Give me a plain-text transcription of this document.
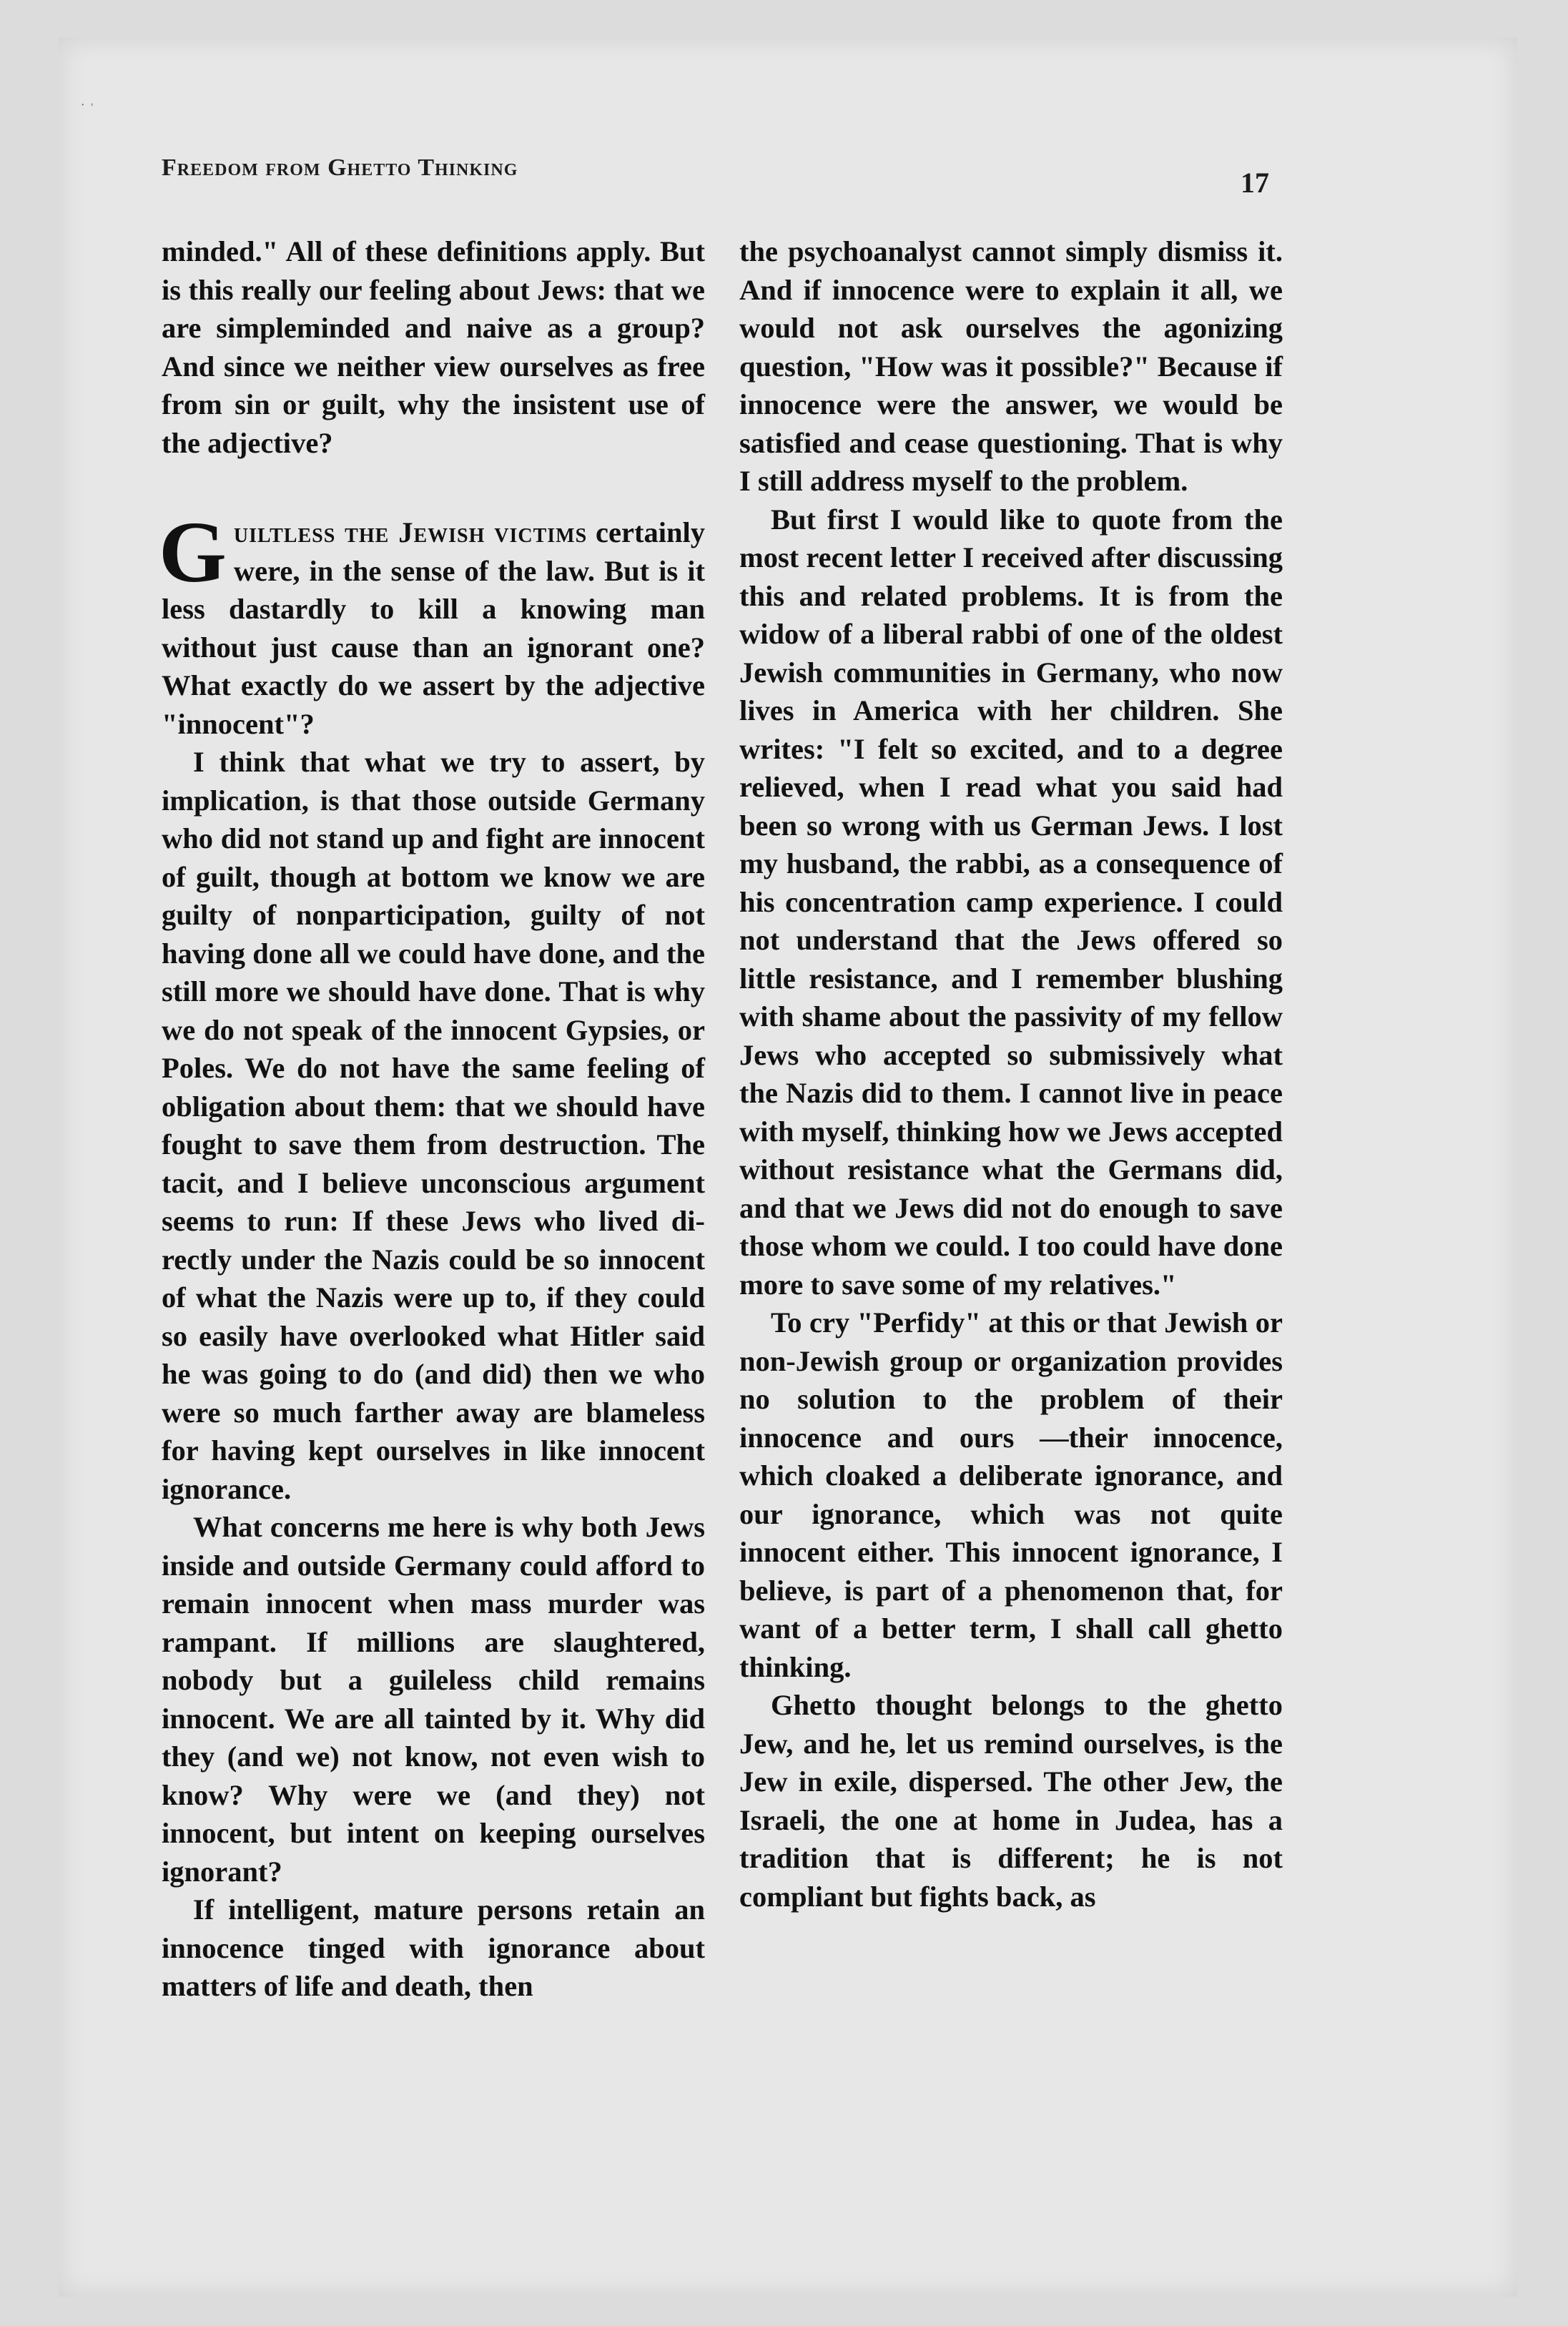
˙ ˈ
Freedom from Ghetto Thinking	17

minded." All of these definitions apply. But is this really our feeling about Jews: that we are simpleminded and naive as a group? And since we neither view ourselves as free from sin or guilt, why the insistent use of the adjective?

Guiltless the Jewish victims certainly were, in the sense of the law. But is it less dastardly to kill a knowing man without just cause than an ignorant one? What exactly do we assert by the adjective "innocent"?

I think that what we try to assert, by implication, is that those outside Germany who did not stand up and fight are innocent of guilt, though at bottom we know we are guilty of nonparticipation, guilty of not having done all we could have done, and the still more we should have done. That is why we do not speak of the innocent Gypsies, or Poles. We do not have the same feeling of obligation about them: that we should have fought to save them from destruction. The tacit, and I believe unconscious argument seems to run: If these Jews who lived directly under the Nazis could be so innocent of what the Nazis were up to, if they could so easily have overlooked what Hitler said he was going to do (and did) then we who were so much farther away are blameless for having kept ourselves in like innocent ignorance.

What concerns me here is why both Jews inside and outside Germany could afford to remain innocent when mass murder was rampant. If millions are slaughtered, nobody but a guileless child remains innocent. We are all tainted by it. Why did they (and we) not know, not even wish to know? Why were we (and they) not innocent, but intent on keeping ourselves ignorant?

If intelligent, mature persons retain an innocence tinged with ignorance about matters of life and death, then

the psychoanalyst cannot simply dismiss it. And if innocence were to explain it all, we would not ask ourselves the agonizing question, "How was it possible?" Because if innocence were the answer, we would be satisfied and cease questioning. That is why I still address myself to the problem.

But first I would like to quote from the most recent letter I received after discussing this and related problems. It is from the widow of a liberal rabbi of one of the oldest Jewish communities in Germany, who now lives in America with her children. She writes: "I felt so excited, and to a degree relieved, when I read what you said had been so wrong with us German Jews. I lost my husband, the rabbi, as a consequence of his concentration camp experience. I could not understand that the Jews offered so little resistance, and I remember blushing with shame about the passivity of my fellow Jews who accepted so submissively what the Nazis did to them. I cannot live in peace with myself, thinking how we Jews accepted without resistance what the Germans did, and that we Jews did not do enough to save those whom we could. I too could have done more to save some of my relatives."

To cry "Perfidy" at this or that Jewish or non-Jewish group or organization provides no solution to the problem of their innocence and ours —their innocence, which cloaked a deliberate ignorance, and our ignorance, which was not quite innocent either. This innocent ignorance, I believe, is part of a phenomenon that, for want of a better term, I shall call ghetto thinking.

Ghetto thought belongs to the ghetto Jew, and he, let us remind ourselves, is the Jew in exile, dispersed. The other Jew, the Israeli, the one at home in Judea, has a tradition that is different; he is not compliant but fights back, as
